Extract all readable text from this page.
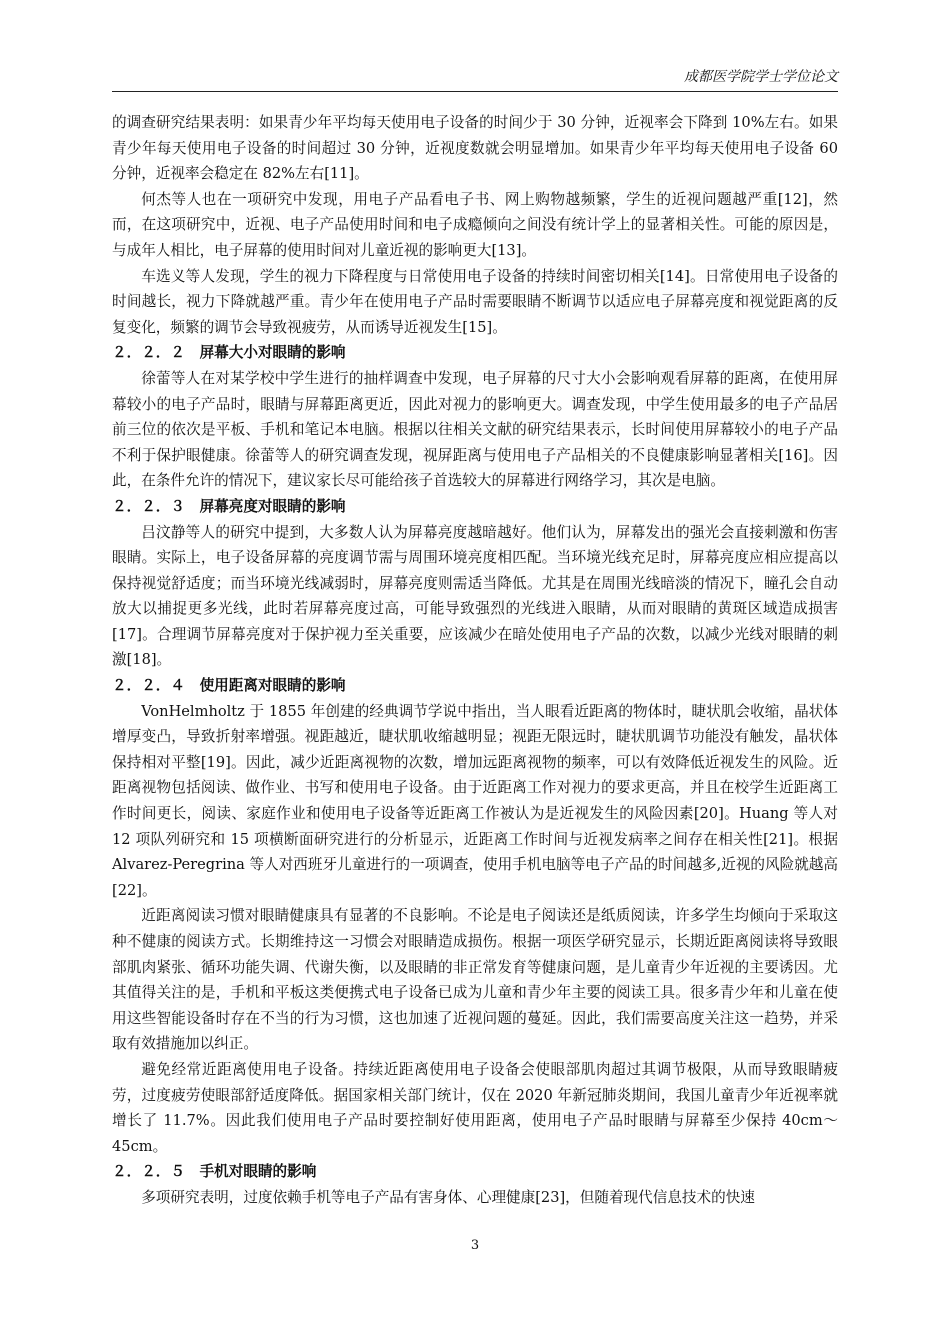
成都医学院学士学位论文

的调查研究结果表明：如果青少年平均每天使用电子设备的时间少于 30 分钟，近视率会下降到 10%左右。如果青少年每天使用电子设备的时间超过 30 分钟，近视度数就会明显增加。如果青少年平均每天使用电子设备 60 分钟，近视率会稳定在 82%左右[11]。

何杰等人也在一项研究中发现，用电子产品看电子书、网上购物越频繁，学生的近视问题越严重[12]，然而，在这项研究中，近视、电子产品使用时间和电子成瘾倾向之间没有统计学上的显著相关性。可能的原因是，与成年人相比，电子屏幕的使用时间对儿童近视的影响更大[13]。

车选义等人发现，学生的视力下降程度与日常使用电子设备的持续时间密切相关[14]。日常使用电子设备的时间越长，视力下降就越严重。青少年在使用电子产品时需要眼睛不断调节以适应电子屏幕亮度和视觉距离的反复变化，频繁的调节会导致视疲劳，从而诱导近视发生[15]。

２．２．２　屏幕大小对眼睛的影响

徐蕾等人在对某学校中学生进行的抽样调查中发现，电子屏幕的尺寸大小会影响观看屏幕的距离，在使用屏幕较小的电子产品时，眼睛与屏幕距离更近，因此对视力的影响更大。调查发现，中学生使用最多的电子产品居前三位的依次是平板、手机和笔记本电脑。根据以往相关文献的研究结果表示，长时间使用屏幕较小的电子产品不利于保护眼健康。徐蕾等人的研究调查发现，视屏距离与使用电子产品相关的不良健康影响显著相关[16]。因此，在条件允许的情况下，建议家长尽可能给孩子首选较大的屏幕进行网络学习，其次是电脑。

２．２．３　屏幕亮度对眼睛的影响

吕汶静等人的研究中提到，大多数人认为屏幕亮度越暗越好。他们认为，屏幕发出的强光会直接刺激和伤害眼睛。实际上，电子设备屏幕的亮度调节需与周围环境亮度相匹配。当环境光线充足时，屏幕亮度应相应提高以保持视觉舒适度；而当环境光线减弱时，屏幕亮度则需适当降低。尤其是在周围光线暗淡的情况下，瞳孔会自动放大以捕捉更多光线，此时若屏幕亮度过高，可能导致强烈的光线进入眼睛，从而对眼睛的黄斑区域造成损害[17]。合理调节屏幕亮度对于保护视力至关重要，应该减少在暗处使用电子产品的次数，以减少光线对眼睛的刺激[18]。

２．２．４　使用距离对眼睛的影响

VonHelmholtz 于 1855 年创建的经典调节学说中指出，当人眼看近距离的物体时，睫状肌会收缩，晶状体增厚变凸，导致折射率增强。视距越近，睫状肌收缩越明显；视距无限远时，睫状肌调节功能没有触发，晶状体保持相对平整[19]。因此，减少近距离视物的次数，增加远距离视物的频率，可以有效降低近视发生的风险。近距离视物包括阅读、做作业、书写和使用电子设备。由于近距离工作对视力的要求更高，并且在校学生近距离工作时间更长，阅读、家庭作业和使用电子设备等近距离工作被认为是近视发生的风险因素[20]。Huang 等人对 12 项队列研究和 15 项横断面研究进行的分析显示，近距离工作时间与近视发病率之间存在相关性[21]。根据 Alvarez-Peregrina 等人对西班牙儿童进行的一项调查，使用手机电脑等电子产品的时间越多,近视的风险就越高[22]。

近距离阅读习惯对眼睛健康具有显著的不良影响。不论是电子阅读还是纸质阅读，许多学生均倾向于采取这种不健康的阅读方式。长期维持这一习惯会对眼睛造成损伤。根据一项医学研究显示，长期近距离阅读将导致眼部肌肉紧张、循环功能失调、代谢失衡，以及眼睛的非正常发育等健康问题，是儿童青少年近视的主要诱因。尤其值得关注的是，手机和平板这类便携式电子设备已成为儿童和青少年主要的阅读工具。很多青少年和儿童在使用这些智能设备时存在不当的行为习惯，这也加速了近视问题的蔓延。因此，我们需要高度关注这一趋势，并采取有效措施加以纠正。

避免经常近距离使用电子设备。持续近距离使用电子设备会使眼部肌肉超过其调节极限，从而导致眼睛疲劳，过度疲劳使眼部舒适度降低。据国家相关部门统计，仅在 2020 年新冠肺炎期间，我国儿童青少年近视率就增长了 11.7%。因此我们使用电子产品时要控制好使用距离，使用电子产品时眼睛与屏幕至少保持 40cm～45cm。

２．２．５　手机对眼睛的影响

多项研究表明，过度依赖手机等电子产品有害身体、心理健康[23]，但随着现代信息技术的快速

3
